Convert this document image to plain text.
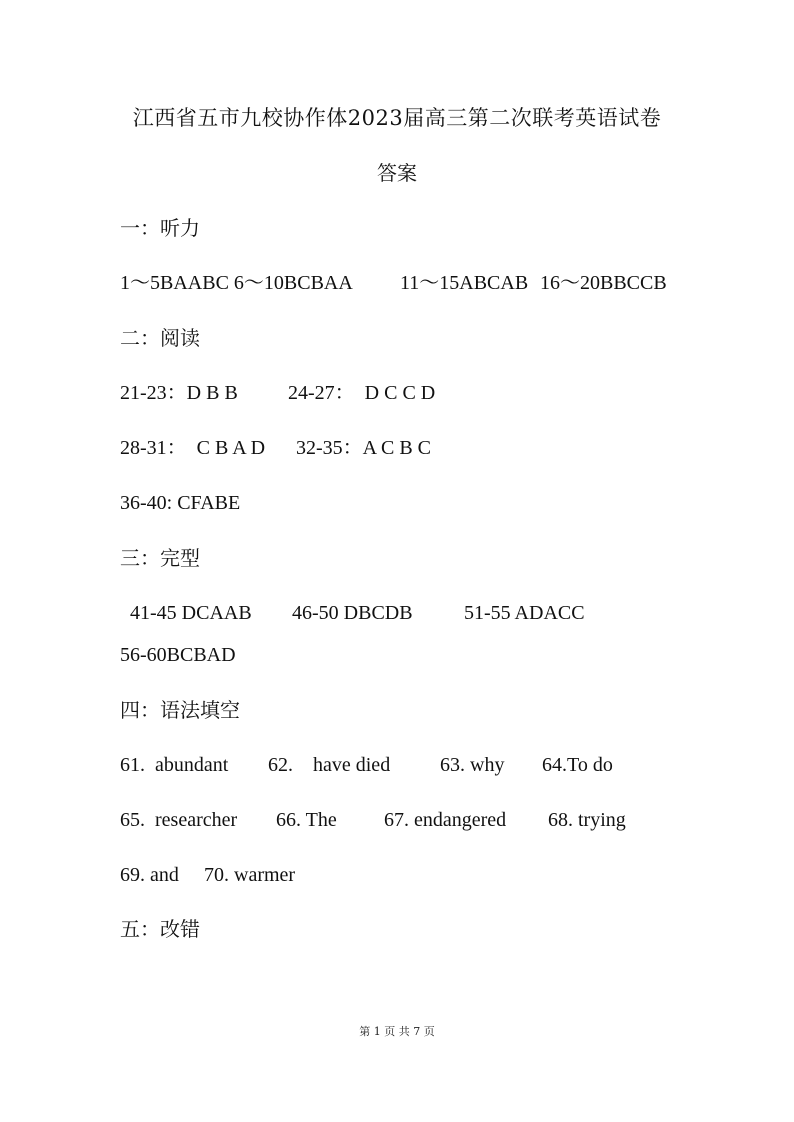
江西省五市九校协作体2023届高三第二次联考英语试卷
答案
一：听力
1～5BAABC 6～10BCBAA 11～15ABCAB 16～20BBCCB
二：阅读
21-23：D B B	24-27：  D C C D
28-31：  C B A D 32-35：A C B C
36-40: CFABE
三：完型
41-45 DCAAB 46-50 DBCDB	51-55 ADACC
56-60BCBAD
四：语法填空
61.  abundant 62.    have died 63. why 64.To do
65.  researcher 66. The 67. endangered 68. trying
69. and 70. warmer
五：改错
第 1 页 共 7 页
